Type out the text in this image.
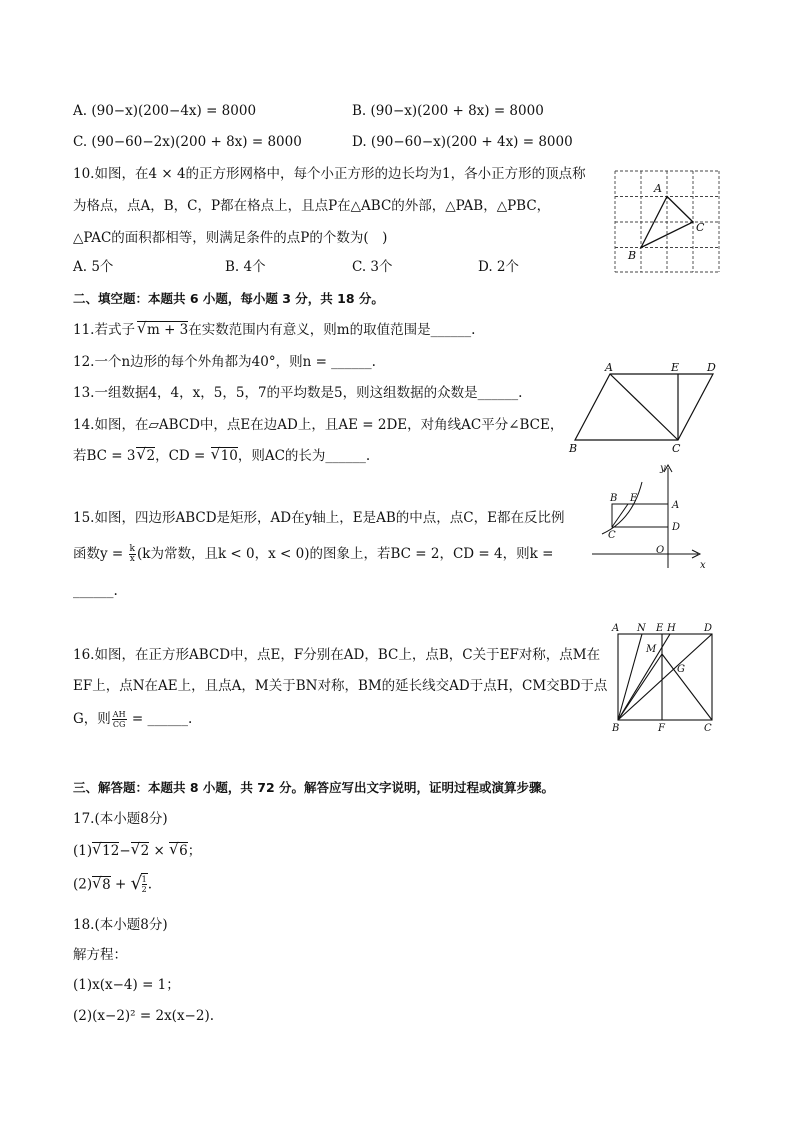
A. (90−x)(200−4x) = 8000	B. (90−x)(200 + 8x) = 8000
C. (90−60−2x)(200 + 8x) = 8000	D. (90−60−x)(200 + 4x) = 8000
10.如图，在4 × 4的正方形网格中，每个小正方形的边长均为1，各小正方形的顶点称
为格点，点A，B，C，P都在格点上，且点P在△ABC的外部，△PAB，△PBC，
△PAC的面积都相等，则满足条件的点P的个数为(　)
A. 5个	B. 4个	C. 3个	D. 2个
A
C
B
二、填空题：本题共 6 小题，每小题 3 分，共 18 分。
11.若式子 √ m + 3在实数范围内有意义，则m的取值范围是______.
12.一个n边形的每个外角都为40°，则n = ______.
13.一组数据4，4，x，5，5，7的平均数是5，则这组数据的众数是______.
14.如图，在▱ABCD中，点E在边AD上，且AE = 2DE，对角线AC平分∠BCE，
若BC = 3 √ 2，CD = √ 10，则AC的长为______.
A	E	D
B	C
15.如图，四边形ABCD是矩形，AD在y轴上，E是AB的中点，点C，E都在反比例
函数$y = \frac{k}{x} (k$为常数，且k < 0，x < 0)的图象上，若BC = 2，CD = 4，则k =
______.
y
x
O
A
D
B E
C
16.如图，在正方形ABCD中，点E，F分别在AD，BC上，点B，C关于EF对称，点M在
EF上，点N在AE上，且点A，M关于BN对称，BM的延长线交AD于点H，CM交BD于点
G，则 $\frac{AH}{CG}$ = ______.
A N E H	D
M
G
B	F	C
三、解答题：本题共 8 小题，共 72 分。解答应写出文字说明，证明过程或演算步骤。
17.(本小题8分)
(1) √ 12− √ 2 × √ 6；
(2) √ 8 + √
$\frac{1}{2}$ .
18.(本小题8分)
解方程：
(1)x(x−4) = 1；
(2)(x−2)² = 2x(x−2).
